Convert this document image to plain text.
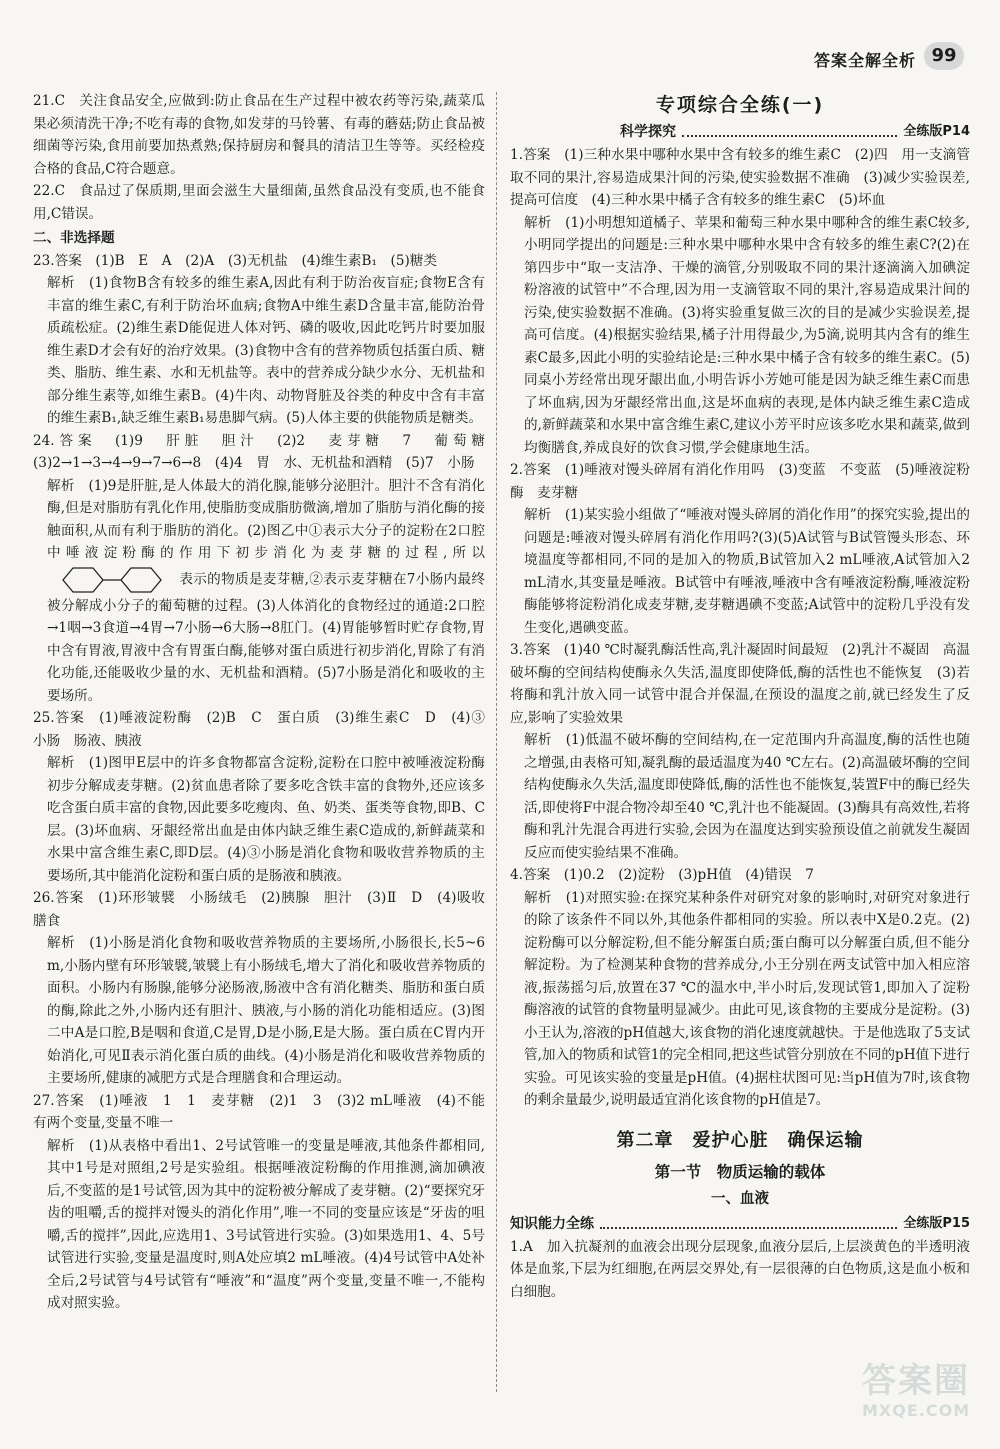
答案全解全析 99

21.C　关注食品安全,应做到:防止食品在生产过程中被农药等污染,蔬菜瓜果必须清洗干净;不吃有毒的食物,如发芽的马铃薯、有毒的蘑菇;防止食品被细菌等污染,食用前要加热煮熟;保持厨房和餐具的清洁卫生等等。买经检疫合格的食品,C符合题意。

22.C　食品过了保质期,里面会滋生大量细菌,虽然食品没有变质,也不能食用,C错误。

二、非选择题

23.答案　(1)B　E　A　(2)A　(3)无机盐　(4)维生素B₁　(5)糖类

解析　(1)食物B含有较多的维生素A,因此有利于防治夜盲症;食物E含有丰富的维生素C,有利于防治坏血病;食物A中维生素D含量丰富,能防治骨质疏松症。(2)维生素D能促进人体对钙、磷的吸收,因此吃钙片时要加服维生素D才会有好的治疗效果。(3)食物中含有的营养物质包括蛋白质、糖类、脂肪、维生素、水和无机盐等。表中的营养成分缺少水分、无机盐和部分维生素等,如维生素B。(4)牛肉、动物肾脏及谷类的种皮中含有丰富的维生素B₁,缺乏维生素B₁易患脚气病。(5)人体主要的供能物质是糖类。

24.答案　(1)9　肝脏　胆汁　(2)2　麦芽糖　7　葡萄糖　(3)2→1→3→4→9→7→6→8　(4)4　胃　水、无机盐和酒精　(5)7　小肠

解析　(1)9是肝脏,是人体最大的消化腺,能够分泌胆汁。胆汁不含有消化酶,但是对脂肪有乳化作用,使脂肪变成脂肪微滴,增加了脂肪与消化酶的接触面积,从而有利于脂肪的消化。(2)图乙中①表示大分子的淀粉在2口腔中唾液淀粉酶的作用下初步消化为麦芽糖的过程,所以表示的物质是麦芽糖,②表示麦芽糖在7小肠内最终被分解成小分子的葡萄糖的过程。(3)人体消化的食物经过的通道:2口腔→1咽→3食道→4胃→7小肠→6大肠→8肛门。(4)胃能够暂时贮存食物,胃中含有胃液,胃液中含有胃蛋白酶,能够对蛋白质进行初步消化,胃除了有消化功能,还能吸收少量的水、无机盐和酒精。(5)7小肠是消化和吸收的主要场所。

25.答案　(1)唾液淀粉酶　(2)B　C　蛋白质　(3)维生素C　D　(4)③　小肠　肠液、胰液

解析　(1)图甲E层中的许多食物都富含淀粉,淀粉在口腔中被唾液淀粉酶初步分解成麦芽糖。(2)贫血患者除了要多吃含铁丰富的食物外,还应该多吃含蛋白质丰富的食物,因此要多吃瘦肉、鱼、奶类、蛋类等食物,即B、C层。(3)坏血病、牙龈经常出血是由体内缺乏维生素C造成的,新鲜蔬菜和水果中富含维生素C,即D层。(4)③小肠是消化食物和吸收营养物质的主要场所,其中能消化淀粉和蛋白质的是肠液和胰液。

26.答案　(1)环形皱襞　小肠绒毛　(2)胰腺　胆汁　(3)Ⅱ　D　(4)吸收　膳食

解析　(1)小肠是消化食物和吸收营养物质的主要场所,小肠很长,长5~6 m,小肠内壁有环形皱襞,皱襞上有小肠绒毛,增大了消化和吸收营养物质的面积。小肠内有肠腺,能够分泌肠液,肠液中含有消化糖类、脂肪和蛋白质的酶,除此之外,小肠内还有胆汁、胰液,与小肠的消化功能相适应。(3)图二中A是口腔,B是咽和食道,C是胃,D是小肠,E是大肠。蛋白质在C胃内开始消化,可见Ⅱ表示消化蛋白质的曲线。(4)小肠是消化和吸收营养物质的主要场所,健康的减肥方式是合理膳食和合理运动。

27.答案　(1)唾液　1　1　麦芽糖　(2)1　3　(3)2 mL唾液　(4)不能　有两个变量,变量不唯一

解析　(1)从表格中看出1、2号试管唯一的变量是唾液,其他条件都相同,其中1号是对照组,2号是实验组。根据唾液淀粉酶的作用推测,滴加碘液后,不变蓝的是1号试管,因为其中的淀粉被分解成了麦芽糖。(2)“要探究牙齿的咀嚼,舌的搅拌对馒头的消化作用”,唯一不同的变量应该是“牙齿的咀嚼,舌的搅拌”,因此,应选用1、3号试管进行实验。(3)如果选用1、4、5号试管进行实验,变量是温度时,则A处应填2 mL唾液。(4)4号试管中A处补全后,2号试管与4号试管有“唾液”和“温度”两个变量,变量不唯一,不能构成对照实验。

专项综合全练(一)
科学探究	全练版P14

1.答案　(1)三种水果中哪种水果中含有较多的维生素C　(2)四　用一支滴管取不同的果汁,容易造成果汁间的污染,使实验数据不准确　(3)减少实验误差,提高可信度　(4)三种水果中橘子含有较多的维生素C　(5)坏血

解析　(1)小明想知道橘子、苹果和葡萄三种水果中哪种含的维生素C较多,小明同学提出的问题是:三种水果中哪种水果中含有较多的维生素C?(2)在第四步中“取一支洁净、干燥的滴管,分别吸取不同的果汁逐滴滴入加碘淀粉溶液的试管中”不合理,因为用一支滴管取不同的果汁,容易造成果汁间的污染,使实验数据不准确。(3)将实验重复做三次的目的是减少实验误差,提高可信度。(4)根据实验结果,橘子汁用得最少,为5滴,说明其内含有的维生素C最多,因此小明的实验结论是:三种水果中橘子含有较多的维生素C。(5)同桌小芳经常出现牙龈出血,小明告诉小芳她可能是因为缺乏维生素C而患了坏血病,因为牙龈经常出血,这是坏血病的表现,是体内缺乏维生素C造成的,新鲜蔬菜和水果中富含维生素C,建议小芳平时应该多吃水果和蔬菜,做到均衡膳食,养成良好的饮食习惯,学会健康地生活。

2.答案　(1)唾液对馒头碎屑有消化作用吗　(3)变蓝　不变蓝　(5)唾液淀粉酶　麦芽糖

解析　(1)某实验小组做了“唾液对馒头碎屑的消化作用”的探究实验,提出的问题是:唾液对馒头碎屑有消化作用吗?(3)(5)A试管与B试管馒头形态、环境温度等都相同,不同的是加入的物质,B试管加入2 mL唾液,A试管加入2 mL清水,其变量是唾液。B试管中有唾液,唾液中含有唾液淀粉酶,唾液淀粉酶能够将淀粉消化成麦芽糖,麦芽糖遇碘不变蓝;A试管中的淀粉几乎没有发生变化,遇碘变蓝。

3.答案　(1)40 ℃时凝乳酶活性高,乳汁凝固时间最短　(2)乳汁不凝固　高温破坏酶的空间结构使酶永久失活,温度即使降低,酶的活性也不能恢复　(3)若将酶和乳汁放入同一试管中混合并保温,在预设的温度之前,就已经发生了反应,影响了实验效果

解析　(1)低温不破坏酶的空间结构,在一定范围内升高温度,酶的活性也随之增强,由表格可知,凝乳酶的最适温度为40 ℃左右。(2)高温破坏酶的空间结构使酶永久失活,温度即使降低,酶的活性也不能恢复,装置F中的酶已经失活,即使将F中混合物冷却至40 ℃,乳汁也不能凝固。(3)酶具有高效性,若将酶和乳汁先混合再进行实验,会因为在温度达到实验预设值之前就发生凝固反应而使实验结果不准确。

4.答案　(1)0.2　(2)淀粉　(3)pH值　(4)错误　7

解析　(1)对照实验:在探究某种条件对研究对象的影响时,对研究对象进行的除了该条件不同以外,其他条件都相同的实验。所以表中X是0.2克。(2)淀粉酶可以分解淀粉,但不能分解蛋白质;蛋白酶可以分解蛋白质,但不能分解淀粉。为了检测某种食物的营养成分,小王分别在两支试管中加入相应溶液,振荡摇匀后,放置在37 ℃的温水中,半小时后,发现试管1,即加入了淀粉酶溶液的试管的食物量明显减少。由此可见,该食物的主要成分是淀粉。(3)小王认为,溶液的pH值越大,该食物的消化速度就越快。于是他选取了5支试管,加入的物质和试管1的完全相同,把这些试管分别放在不同的pH值下进行实验。可见该实验的变量是pH值。(4)据柱状图可见:当pH值为7时,该食物的剩余量最少,说明最适宜消化该食物的pH值是7。

第二章　爱护心脏　确保运输
第一节　物质运输的载体
一、血液
知识能力全练	全练版P15

1.A　加入抗凝剂的血液会出现分层现象,血液分层后,上层淡黄色的半透明液体是血浆,下层为红细胞,在两层交界处,有一层很薄的白色物质,这是血小板和白细胞。

答案圈
MXQE.COM
